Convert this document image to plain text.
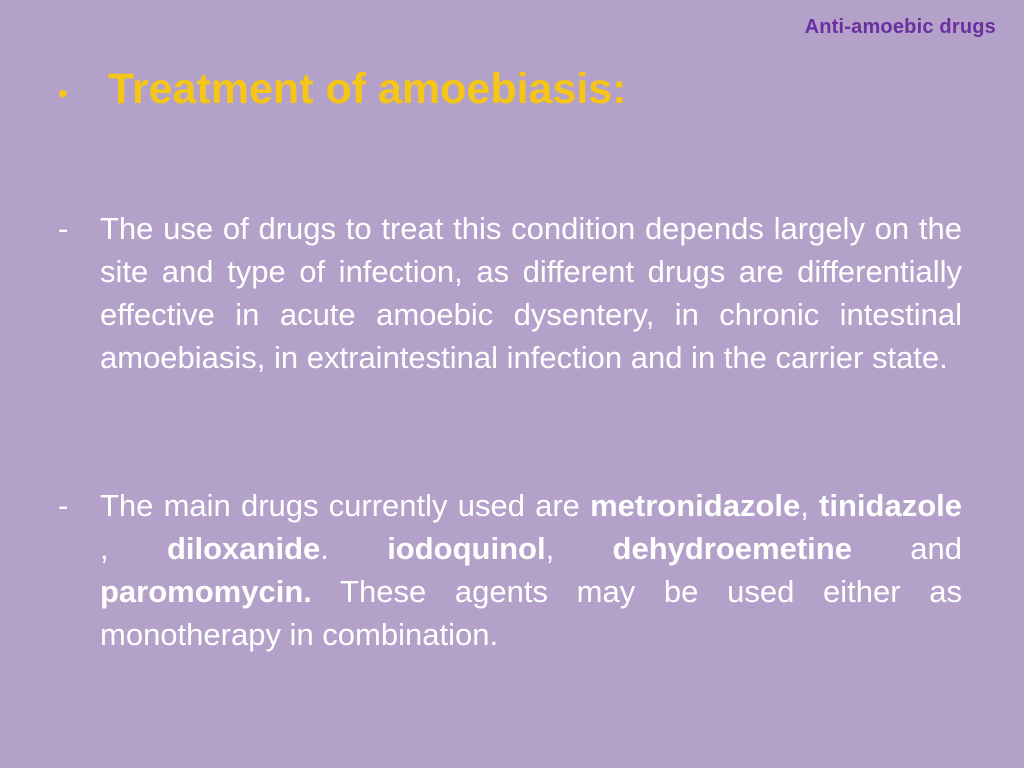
Anti-amoebic drugs
• Treatment of amoebiasis:
-	The use of drugs to treat this condition depends largely on the site and type of infection, as different drugs are differentially effective in acute amoebic dysentery, in chronic intestinal amoebiasis, in extraintestinal infection and in the carrier state.
-	The main drugs currently used are metronidazole, tinidazole , diloxanide. iodoquinol, dehydroemetine and paromomycin. These agents may be used either as monotherapy in combination.
